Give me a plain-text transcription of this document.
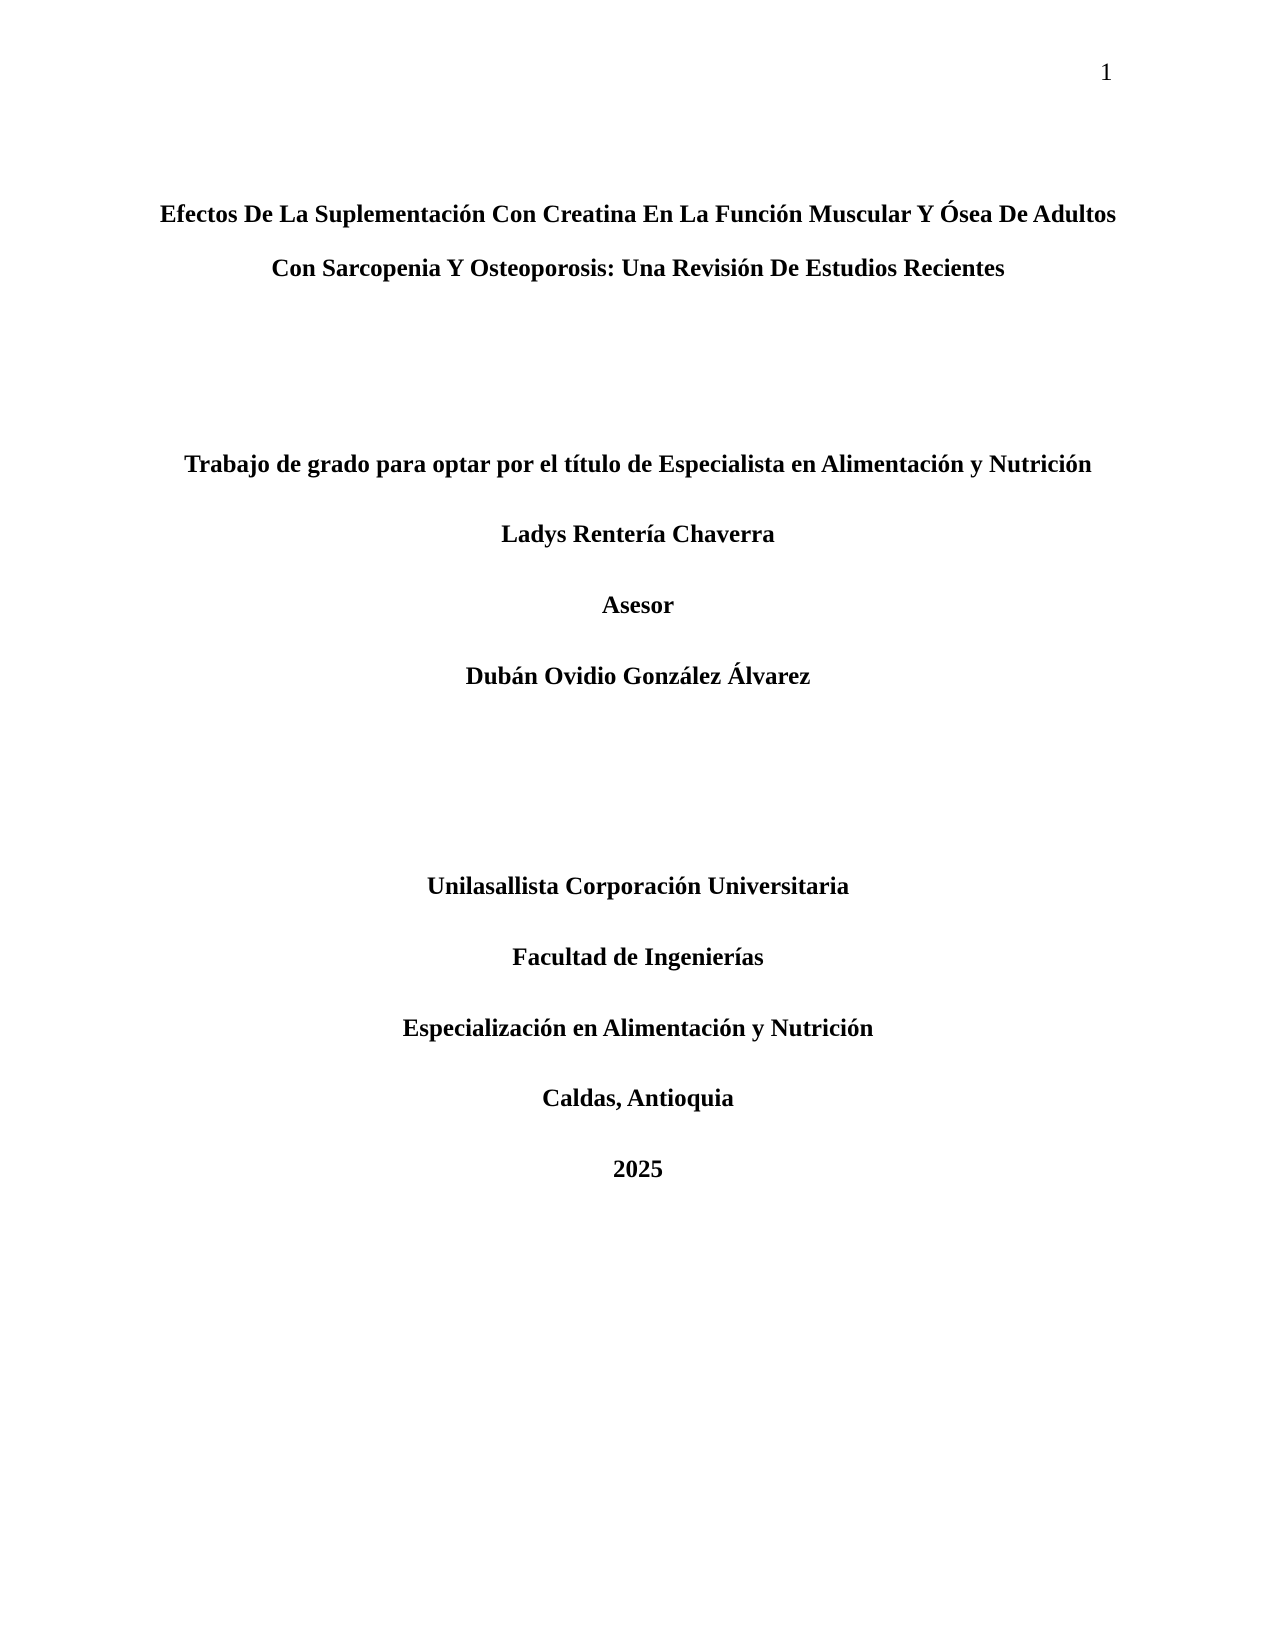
1
Efectos De La Suplementación Con Creatina En La Función Muscular Y Ósea De Adultos
Con Sarcopenia Y Osteoporosis: Una Revisión De Estudios Recientes
Trabajo de grado para optar por el título de Especialista en Alimentación y Nutrición
Ladys Rentería Chaverra
Asesor
Dubán Ovidio González Álvarez
Unilasallista Corporación Universitaria
Facultad de Ingenierías
Especialización en Alimentación y Nutrición
Caldas, Antioquia
2025
